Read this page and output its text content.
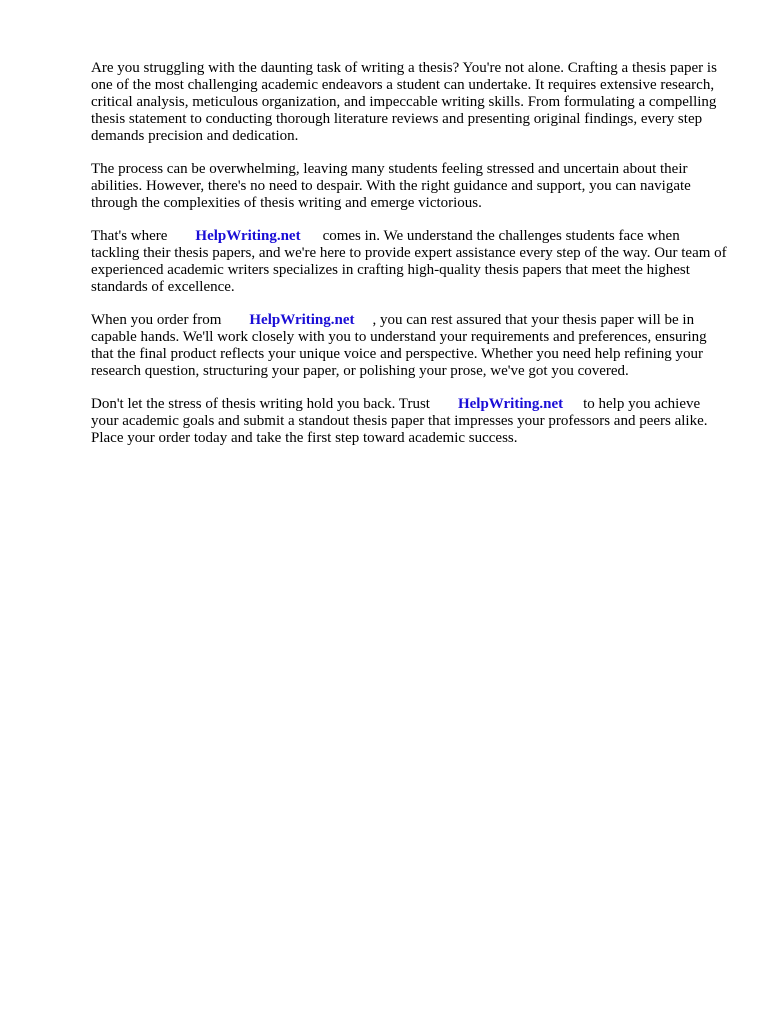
Are you struggling with the daunting task of writing a thesis? You're not alone. Crafting a thesis paper is one of the most challenging academic endeavors a student can undertake. It requires extensive research, critical analysis, meticulous organization, and impeccable writing skills. From formulating a compelling thesis statement to conducting thorough literature reviews and presenting original findings, every step demands precision and dedication.

The process can be overwhelming, leaving many students feeling stressed and uncertain about their abilities. However, there's no need to despair. With the right guidance and support, you can navigate through the complexities of thesis writing and emerge victorious.

That's where HelpWriting.net comes in. We understand the challenges students face when tackling their thesis papers, and we're here to provide expert assistance every step of the way. Our team of experienced academic writers specializes in crafting high-quality thesis papers that meet the highest standards of excellence.

When you order from HelpWriting.net , you can rest assured that your thesis paper will be in capable hands. We'll work closely with you to understand your requirements and preferences, ensuring that the final product reflects your unique voice and perspective. Whether you need help refining your research question, structuring your paper, or polishing your prose, we've got you covered.

Don't let the stress of thesis writing hold you back. Trust HelpWriting.net to help you achieve your academic goals and submit a standout thesis paper that impresses your professors and peers alike. Place your order today and take the first step toward academic success.
